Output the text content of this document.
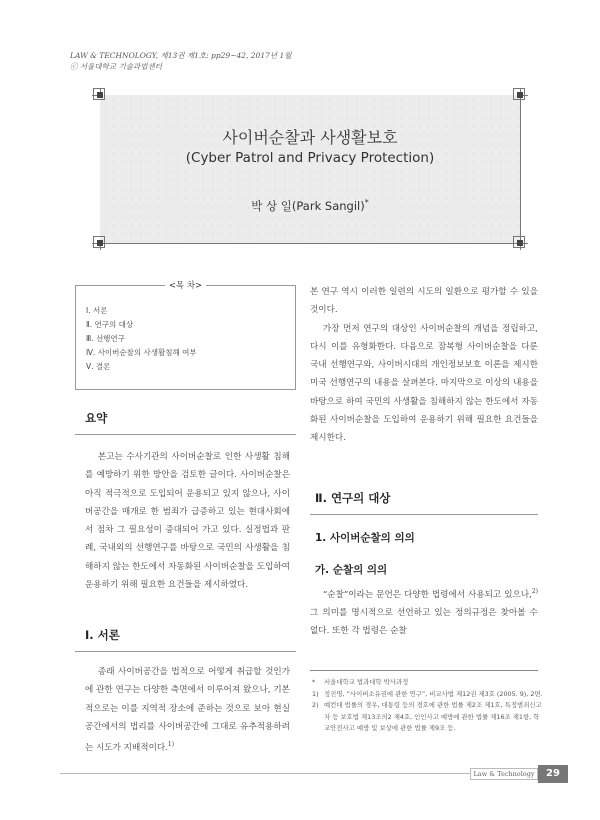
LAW & TECHNOLOGY, 제13권 제1호: pp29~42, 2017년 1월
ⓒ 서울대학교 기술과법센터
사이버순찰과 사생활보호
(Cyber Patrol and Privacy Protection)
박 상 일(Park Sangil)*
<목 차>
Ⅰ. 서론
Ⅱ. 연구의 대상
Ⅲ. 선행연구
Ⅳ. 사이버순찰의 사생활침해 여부
Ⅴ. 결론
요약

본고는 수사기관의 사이버순찰로 인한 사생활 침해를 예방하기 위한 방안을 검토한 글이다. 사이버순찰은 아직 적극적으로 도입되어 운용되고 있지 않으나, 사이버공간을 매개로 한 범죄가 급증하고 있는 현대사회에서 점차 그 필요성이 증대되어 가고 있다. 실정법과 판례, 국내외의 선행연구를 바탕으로 국민의 사생활을 침해하지 않는 한도에서 자동화된 사이버순찰을 도입하여 운용하기 위해 필요한 요건들을 제시하였다.

Ⅰ. 서론

종래 사이버공간을 법적으로 어떻게 취급할 것인가에 관한 연구는 다양한 측면에서 이루어져 왔으나, 기본적으로는 이를 지역적 장소에 준하는 것으로 보아 현실공간에서의 법리를 사이버공간에 그대로 유추적용하려는 시도가 지배적이다.$^{1)}$

본 연구 역시 이러한 일련의 시도의 일환으로 평가할 수 있을 것이다.

가장 먼저 연구의 대상인 사이버순찰의 개념을 정립하고, 다시 이를 유형화한다. 다음으로 잠복형 사이버순찰을 다룬 국내 선행연구와, 사이버시대의 개인정보보호 이론을 제시한 미국 선행연구의 내용을 살펴본다. 마지막으로 이상의 내용을 바탕으로 하여 국민의 사생활을 침해하지 않는 한도에서 자동화된 사이버순찰을 도입하여 운용하기 위해 필요한 요건들을 제시한다.

Ⅱ. 연구의 대상
1. 사이버순찰의 의의
가. 순찰의 의의

“순찰”이라는 문언은 다양한 법령에서 사용되고 있으나,$^{2)}$ 그 의미를 명시적으로 선언하고 있는 정의규정은 찾아볼 수 없다. 또한 각 법령은 순찰

* 서울대학교 법과대학 박사과정
1) 정진명, “사이버소유권에 관한 연구”, 비교사법 제12권 제3호 (2005. 9), 2면.
2) 예컨대 법률의 경우, 대통령 등의 경호에 관한 법률 제2조 제1호, 특정범죄신고자 등 보호법 제13조의2 제4호, 인인사고 예방에 관한 법률 제16조 제1항, 학교안전사고 예방 및 보상에 관한 법률 제9조 등.
Law & Technology	29
